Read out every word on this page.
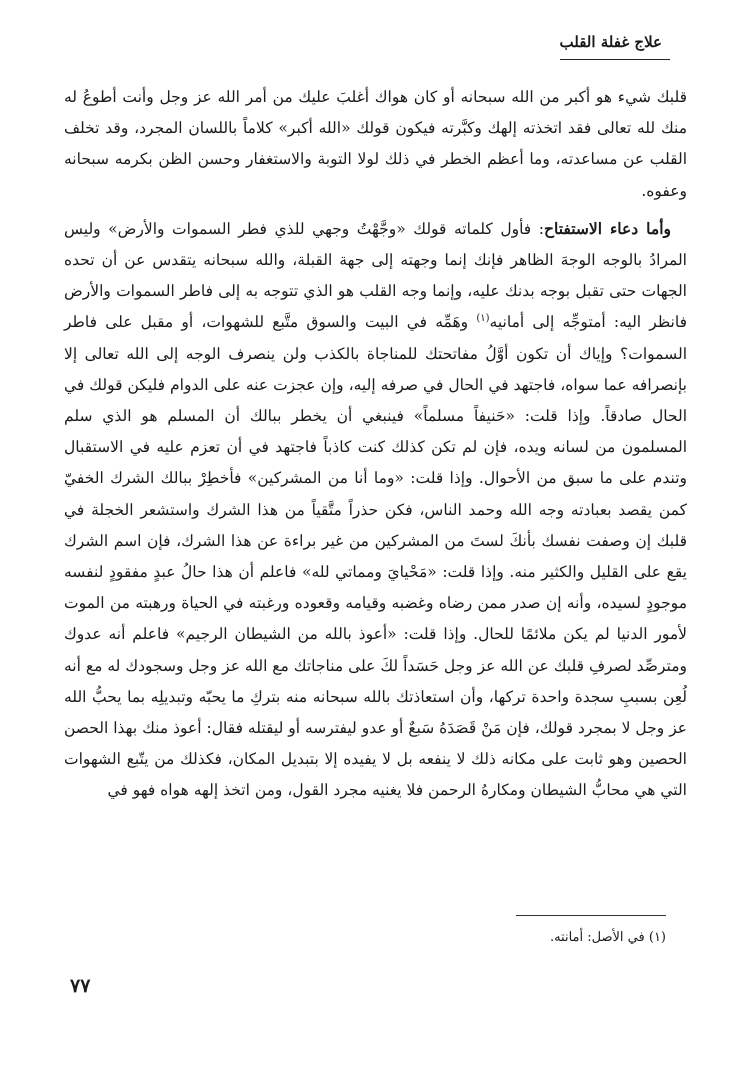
علاج غفلة القلب

قلبك شيء هو أكبر من الله سبحانه أو كان هواك أغلبَ عليك من أمر الله عز وجل وأنت أطوعُ له منك لله تعالى فقد اتخذته إلهك وكبَّرته فيكون قولك «الله أكبر» كلاماً باللسان المجرد، وقد تخلف القلب عن مساعدته، وما أعظم الخطر في ذلك لولا التوبة والاستغفار وحسن الظن بكرمه سبحانه وعفوه.

وأما دعاء الاستفتاح: فأول كلماته قولك «وجَّهْتُ وجهي للذي فطر السموات والأرض» وليس المرادُ بالوجه الوجهَ الظاهر فإنك إنما وجهته إلى جهة القبلة، والله سبحانه يتقدس عن أن تحده الجهات حتى تقبل بوجه بدنك عليه، وإنما وجه القلب هو الذي تتوجه به إلى فاطر السموات والأرض فانظر اليه: أمتوجِّه إلى أمانيه$^{(١)}$ وهَمِّه في البيت والسوق متَّبع للشهوات، أو مقبل على فاطر السموات؟ وإياك أن تكون أوَّلُ مفاتحتك للمناجاة بالكذب ولن ينصرف الوجه إلى الله تعالى إلا بإنصرافه عما سواه، فاجتهد في الحال في صرفه إليه، وإن عجزت عنه على الدوام فليكن قولك في الحال صادقاً. وإذا قلت: «حَنيفاً مسلماً» فينبغي أن يخطر ببالك أن المسلم هو الذي سلم المسلمون من لسانه ويده، فإن لم تكن كذلك كنت كاذباً فاجتهد في أن تعزم عليه في الاستقبال وتندم على ما سبق من الأحوال. وإذا قلت: «وما أنا من المشركين» فأخطِرْ ببالك الشرك الخفيّ كمن يقصد بعبادته وجه الله وحمد الناس، فكن حذراً متَّقياً من هذا الشرك واستشعر الخجلة في قلبك إن وصفت نفسك بأنكَ لستَ من المشركين من غير براءة عن هذا الشرك، فإن اسم الشرك يقع على القليل والكثير منه. وإذا قلت: «مَحْيايَ ومماتي لله» فاعلم أن هذا حالُ عبدٍ مفقودٍ لنفسه موجودٍ لسيده، وأنه إن صدر ممن رضاه وغضبه وقيامه وقعوده ورغبته في الحياة ورهبته من الموت لأمور الدنيا لم يكن ملائمًا للحال. وإذا قلت: «أعوذ بالله من الشيطان الرجيم» فاعلم أنه عدوك ومترصِّد لصرفِ قلبك عن الله عز وجل حَسَداً لكَ على مناجاتك مع الله عز وجل وسجودك له مع أنه لُعِن بسببِ سجدة واحدة تركها، وأن استعاذتك بالله سبحانه منه بتركِ ما يحبّه وتبديلِه بما يحبُّ الله عز وجل لا بمجرد قولك، فإن مَنْ قَصَدَهُ سَبعٌ أو عدو ليفترسه أو ليقتله فقال: أعوذ منك بهذا الحصن الحصين وهو ثابت على مكانه ذلك لا ينفعه بل لا يفيده إلا بتبديل المكان، فكذلك من يتّبع الشهوات التي هي محابُّ الشيطان ومكارهُ الرحمن فلا يغنيه مجرد القول، ومن اتخذ إلهه هواه فهو في

(١) في الأصل: أمانته.
٧٧
